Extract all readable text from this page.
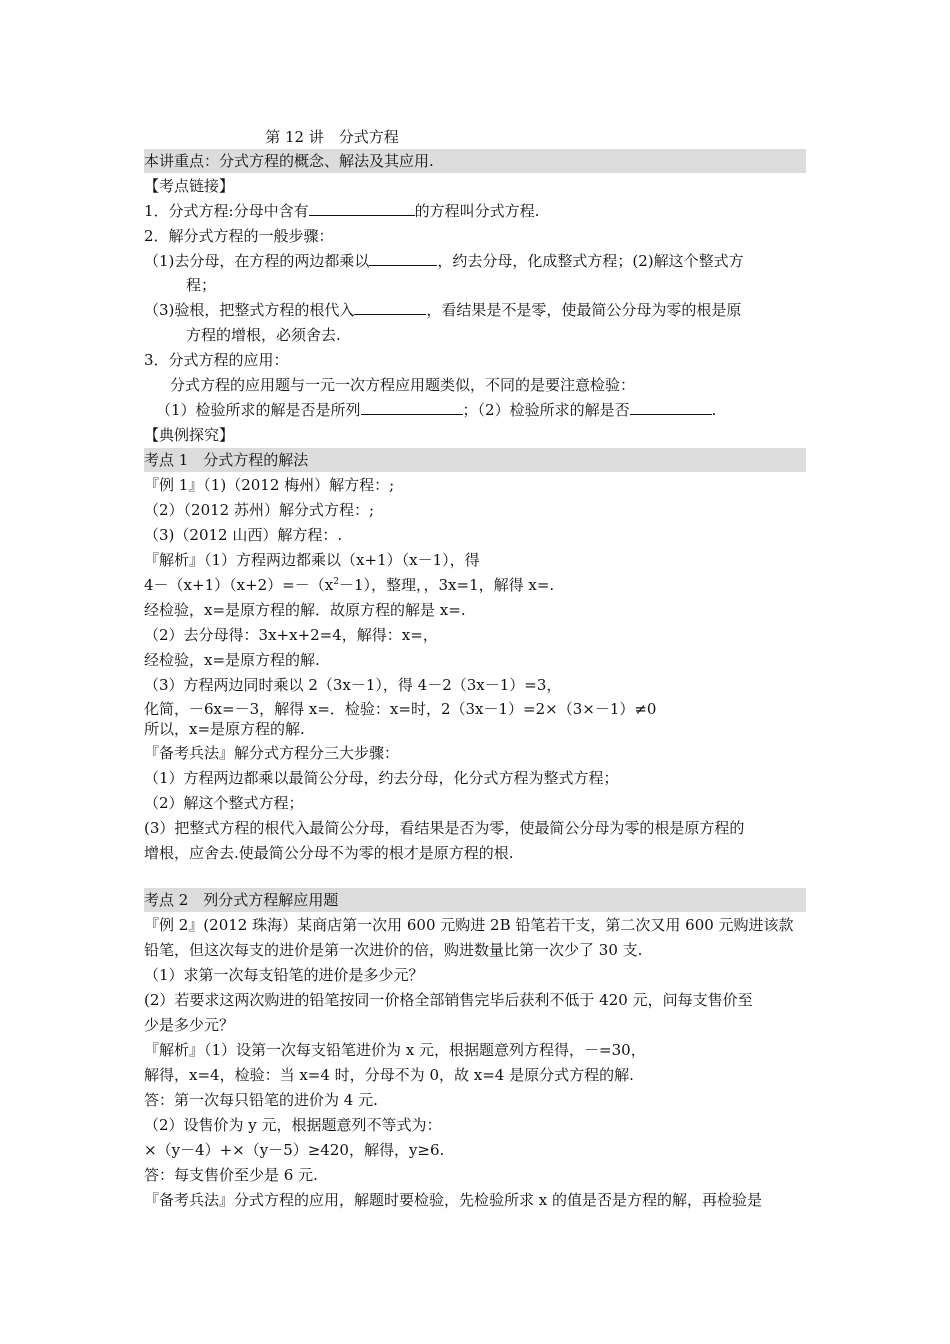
第 12 讲　分式方程
本讲重点：分式方程的概念、解法及其应用.
【考点链接】
1．分式方程:分母中含有	的方程叫分式方程.
2．解分式方程的一般步骤：
（1)去分母，在方程的两边都乘以	，约去分母，化成整式方程；(2)解这个整式方
程；
（3)验根，把整式方程的根代入	，看结果是不是零，使最简公分母为零的根是原
方程的增根，必须舍去.
3．分式方程的应用：
分式方程的应用题与一元一次方程应用题类似，不同的是要注意检验：
（1）检验所求的解是否是所列	；（2）检验所求的解是否	.
【典例探究】
考点 1　分式方程的解法
『例 1』（1)（2012 梅州）解方程：;
（2）（2012 苏州）解分式方程：;
（3)（2012 山西）解方程：.
『解析』（1）方程两边都乘以（x+1）（x－1），得
$4-(x+1)(x+2)=-(x^2-1)$，整理，，3x=1，解得 x=.
经检验，x=是原方程的解．故原方程的解是 x=.
（2）去分母得：3x+x+2=4，解得：x=，
经检验，x=是原方程的解.
（3）方程两边同时乘以 2（3x－1），得 4－2（3x－1）=3，
化简，－6x=－3，解得 x=．检验：x=时，2（3x－1）=2×（3×－1）≠0
所以，x=是原方程的解.
『备考兵法』解分式方程分三大步骤：
（1）方程两边都乘以最简公分母，约去分母，化分式方程为整式方程；
（2）解这个整式方程；
(3）把整式方程的根代入最简公分母，看结果是否为零，使最简公分母为零的根是原方程的
增根，应舍去.使最简公分母不为零的根才是原方程的根.
考点 2　列分式方程解应用题
『例 2』(2012 珠海）某商店第一次用 600 元购进 2B 铅笔若干支，第二次又用 600 元购进该款
铅笔，但这次每支的进价是第一次进价的倍，购进数量比第一次少了 30 支.
（1）求第一次每支铅笔的进价是多少元？
(2）若要求这两次购进的铅笔按同一价格全部销售完毕后获利不低于 420 元，问每支售价至
少是多少元？
『解析』（1）设第一次每支铅笔进价为 x 元，根据题意列方程得，－=30，
解得，x=4，检验：当 x=4 时，分母不为 0，故 x=4 是原分式方程的解.
答：第一次每只铅笔的进价为 4 元.
（2）设售价为 y 元，根据题意列不等式为：
×（y－4）+×（y－5）≥420，解得，y≥6.
答：每支售价至少是 6 元.
『备考兵法』分式方程的应用，解题时要检验，先检验所求 x 的值是否是方程的解，再检验是
